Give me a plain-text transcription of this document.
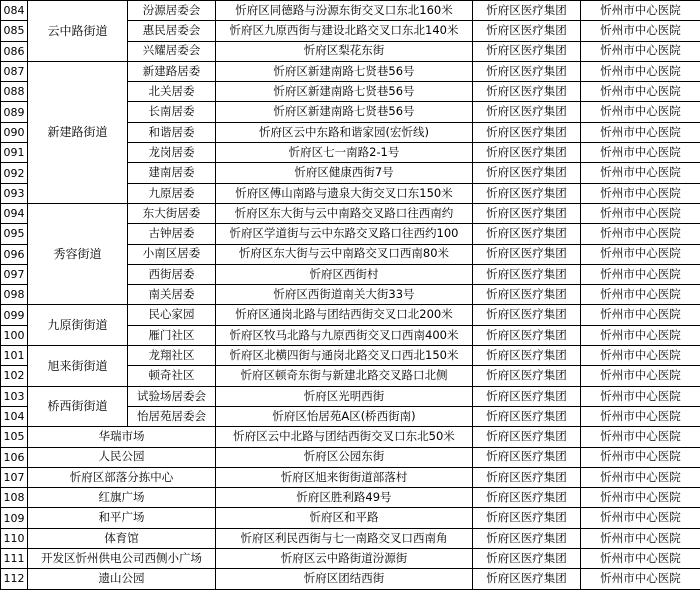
084	云中路街道	汾源居委会	忻府区同德路与汾源东街交叉口东北160米	忻府区医疗集团	忻州市中心医院
085		惠民居委会	忻府区九原西街与建设北路交叉口东北140米	忻府区医疗集团	忻州市中心医院
086		兴耀居委会	忻府区梨花东街	忻府区医疗集团	忻州市中心医院
087	新建路街道	新建路居委	忻府区新建南路七贤巷56号	忻府区医疗集团	忻州市中心医院
088		北关居委	忻府区新建南路七贤巷56号	忻府区医疗集团	忻州市中心医院
089		长南居委	忻府区新建南路七贤巷56号	忻府区医疗集团	忻州市中心医院
090		和谐居委	忻府区云中东路和谐家园(宏忻线)	忻府区医疗集团	忻州市中心医院
091		龙岗居委	忻府区七一南路2-1号	忻府区医疗集团	忻州市中心医院
092		建南居委	忻府区健康西街7号	忻府区医疗集团	忻州市中心医院
093		九原居委	忻府区傅山南路与遗泉大街交叉口东150米	忻府区医疗集团	忻州市中心医院
094	秀容街道	东大街居委	忻府区东大街与云中南路交叉路口往西南约	忻府区医疗集团	忻州市中心医院
095		古钟居委	忻府区学道街与云中东路交叉路口往西约100	忻府区医疗集团	忻州市中心医院
096		小南区居委	忻府区东大街与云中南路交叉口西南80米	忻府区医疗集团	忻州市中心医院
097		西街居委	忻府区西街村	忻府区医疗集团	忻州市中心医院
098		南关居委	忻府区西街道南关大街33号	忻府区医疗集团	忻州市中心医院
099	九原街街道	民心家园	忻府区通岗北路与团结西街交叉口北200米	忻府区医疗集团	忻州市中心医院
100		雁门社区	忻府区牧马北路与九原西街交叉口西南400米	忻府区医疗集团	忻州市中心医院
101	旭来街街道	龙翔社区	忻府区北横四街与通岗北路交叉口西北150米	忻府区医疗集团	忻州市中心医院
102		顿奇社区	忻府区顿奇东街与新建北路交叉路口北侧	忻府区医疗集团	忻州市中心医院
103	桥西街街道	试验场居委会	忻府区光明西街	忻府区医疗集团	忻州市中心医院
104		怡居苑居委会	忻府区怡居苑A区(桥西街南)	忻府区医疗集团	忻州市中心医院
105	华瑞市场		忻府区云中北路与团结西街交叉口东北50米	忻府区医疗集团	忻州市中心医院
106	人民公园		忻府区公园东街	忻府区医疗集团	忻州市中心医院
107	忻府区部落分拣中心		忻府区旭来街街道部落村	忻府区医疗集团	忻州市中心医院
108	红旗广场		忻府区胜利路49号	忻府区医疗集团	忻州市中心医院
109	和平广场		忻府区和平路	忻府区医疗集团	忻州市中心医院
110	体育馆		忻府区利民西街与七一南路交叉口西南角	忻府区医疗集团	忻州市中心医院
111	开发区忻州供电公司西侧小广场		忻府区云中路街道汾源街	忻府区医疗集团	忻州市中心医院
112	遗山公园		忻府区团结西街	忻府区医疗集团	忻州市中心医院
